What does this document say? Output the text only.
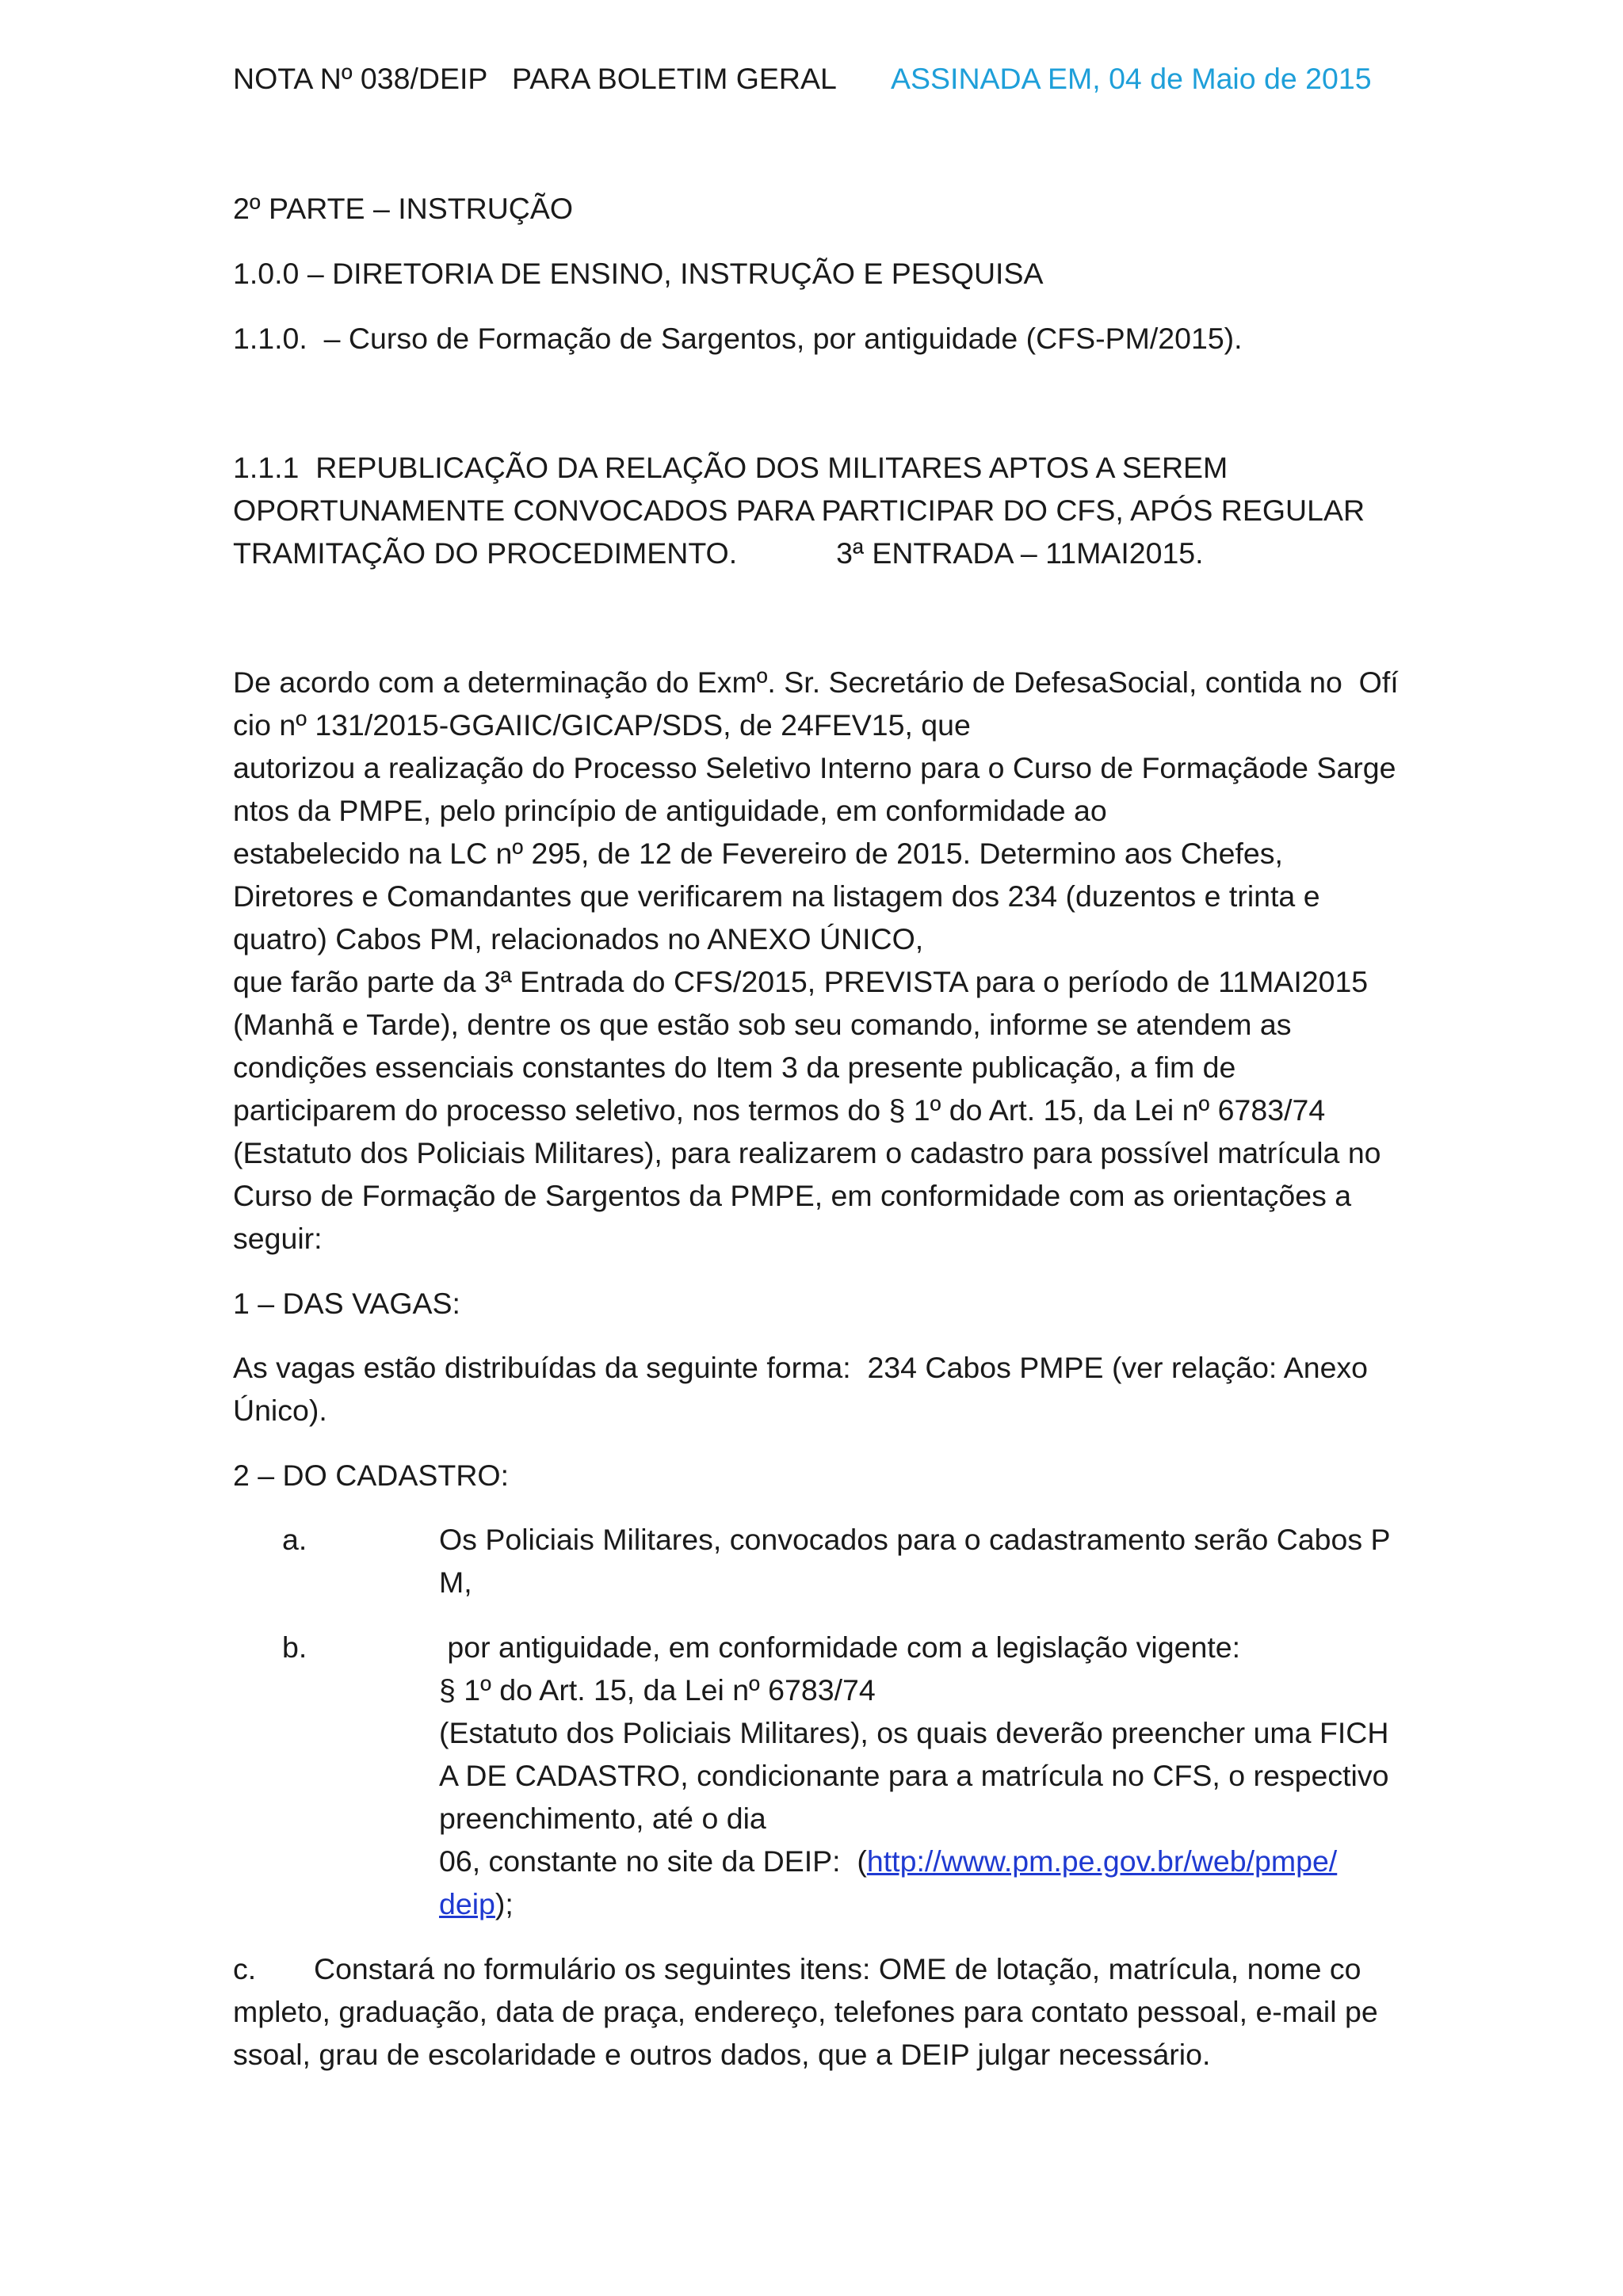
NOTA Nº 038/DEIP   PARA BOLETIM GERAL ASSINADA EM, 04 de Maio de 2015
2º PARTE – INSTRUÇÃO
1.0.0 – DIRETORIA DE ENSINO, INSTRUÇÃO E PESQUISA
1.1.0.  – Curso de Formação de Sargentos, por antiguidade (CFS-PM/2015).
1.1.1  REPUBLICAÇÃO DA RELAÇÃO DOS MILITARES APTOS A SEREM
OPORTUNAMENTE CONVOCADOS PARA PARTICIPAR DO CFS, APÓS REGULAR
TRAMITAÇÃO DO PROCEDIMENTO.            3ª ENTRADA – 11MAI2015.
De acordo com a determinação do Exmº. Sr. Secretário de DefesaSocial, contida no  Ofí
cio nº 131/2015-GGAIIC/GICAP/SDS, de 24FEV15, que
autorizou a realização do Processo Seletivo Interno para o Curso de Formaçãode Sarge
ntos da PMPE, pelo princípio de antiguidade, em conformidade ao
estabelecido na LC nº 295, de 12 de Fevereiro de 2015. Determino aos Chefes,
Diretores e Comandantes que verificarem na listagem dos 234 (duzentos e trinta e
quatro) Cabos PM, relacionados no ANEXO ÚNICO,
que farão parte da 3ª Entrada do CFS/2015, PREVISTA para o período de 11MAI2015
(Manhã e Tarde), dentre os que estão sob seu comando, informe se atendem as
condições essenciais constantes do Item 3 da presente publicação, a fim de
participarem do processo seletivo, nos termos do § 1º do Art. 15, da Lei nº 6783/74
(Estatuto dos Policiais Militares), para realizarem o cadastro para possível matrícula no
Curso de Formação de Sargentos da PMPE, em conformidade com as orientações a
seguir:
1 – DAS VAGAS:
As vagas estão distribuídas da seguinte forma:  234 Cabos PMPE (ver relação: Anexo
Único).
2 – DO CADASTRO:
a.	Os Policiais Militares, convocados para o cadastramento serão Cabos P
M,
b.	por antiguidade, em conformidade com a legislação vigente:
§ 1º do Art. 15, da Lei nº 6783/74
(Estatuto dos Policiais Militares), os quais deverão preencher uma FICH
A DE CADASTRO, condicionante para a matrícula no CFS, o respectivo
preenchimento, até o dia
06, constante no site da DEIP:  (http://www.pm.pe.gov.br/web/pmpe/
deip);
c. Constará no formulário os seguintes itens: OME de lotação, matrícula, nome co
mpleto, graduação, data de praça, endereço, telefones para contato pessoal, e-mail pe
ssoal, grau de escolaridade e outros dados, que a DEIP julgar necessário.
